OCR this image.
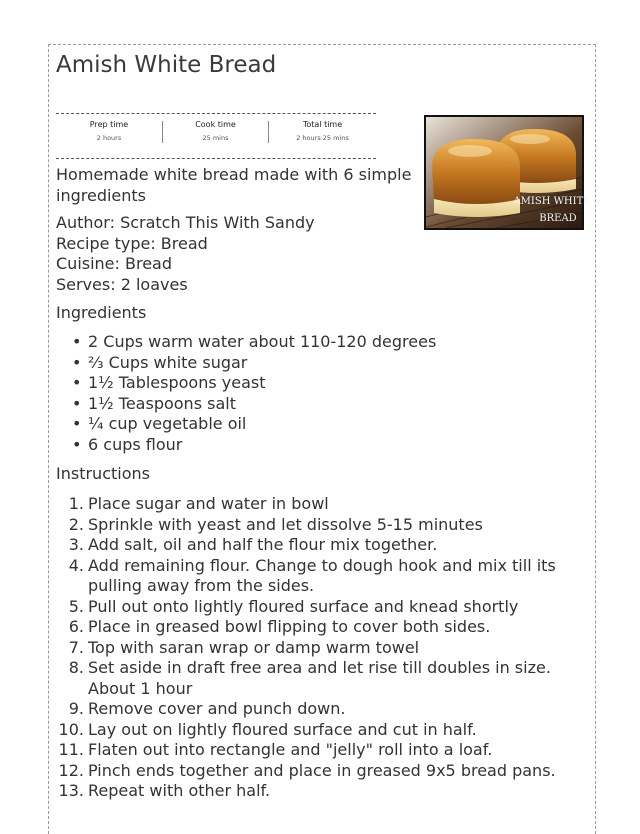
Amish White Bread
Prep time
2 hours
Cook time
25 mins
Total time
2 hours 25 mins
AMISH WHITE
BREAD

Homemade white bread made with 6 simple ingredients

Author: Scratch This With Sandy
Recipe type: Bread
Cuisine: Bread
Serves: 2 loaves
Ingredients
• 2 Cups warm water about 110-120 degrees
• ⅔ Cups white sugar
• 1½ Tablespoons yeast
• 1½ Teaspoons salt
• ¼ cup vegetable oil
• 6 cups flour
Instructions
1. Place sugar and water in bowl
2. Sprinkle with yeast and let dissolve 5-15 minutes
3. Add salt, oil and half the flour mix together.
4. Add remaining flour. Change to dough hook and mix till its pulling away from the sides.
5. Pull out onto lightly floured surface and knead shortly
6. Place in greased bowl flipping to cover both sides.
7. Top with saran wrap or damp warm towel
8. Set aside in draft free area and let rise till doubles in size. About 1 hour
9. Remove cover and punch down.
10. Lay out on lightly floured surface and cut in half.
11. Flaten out into rectangle and "jelly" roll into a loaf.
12. Pinch ends together and place in greased 9x5 bread pans.
13. Repeat with other half.
